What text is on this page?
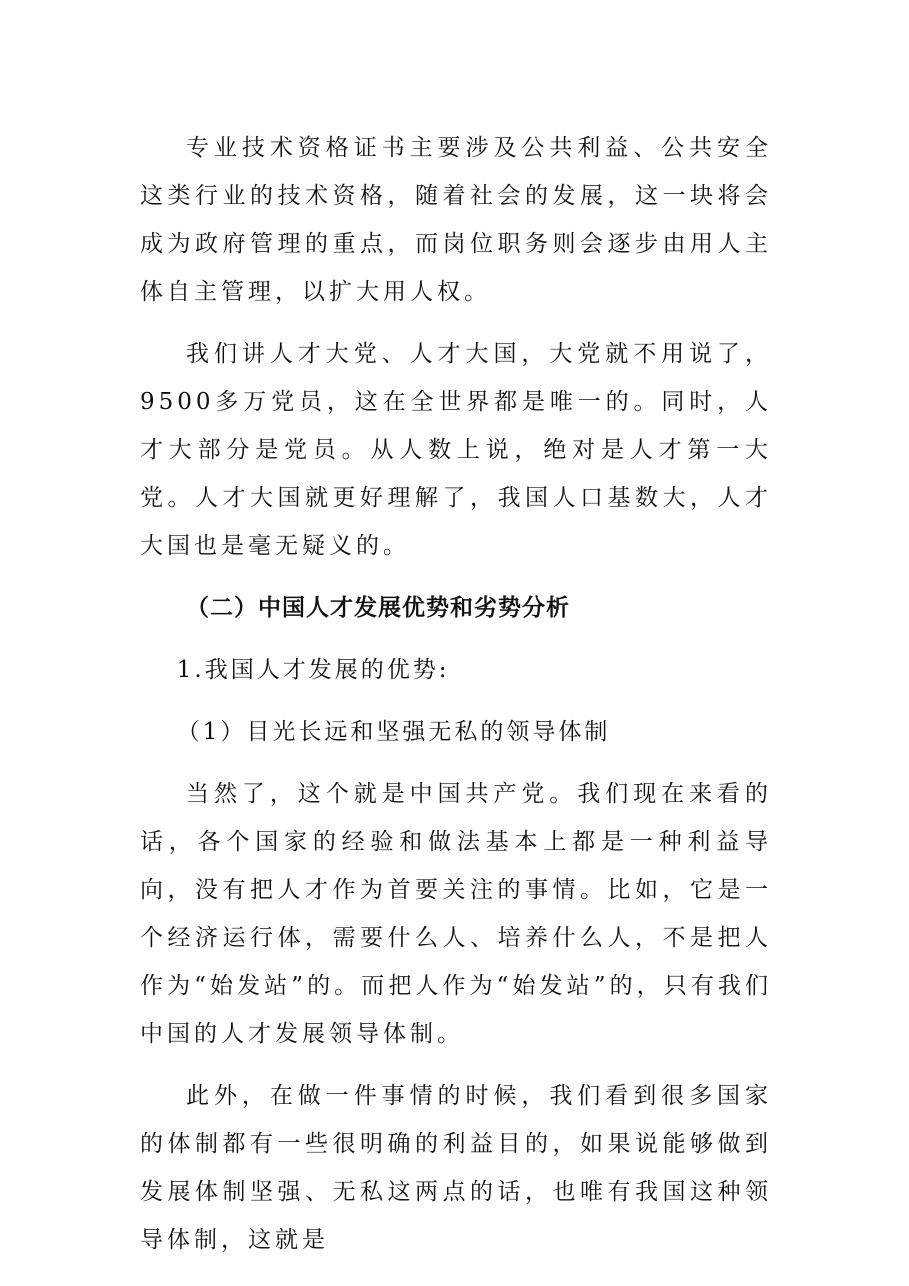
专业技术资格证书主要涉及公共利益、公共安全这类行业的技术资格，随着社会的发展，这一块将会成为政府管理的重点，而岗位职务则会逐步由用人主体自主管理，以扩大用人权。

我们讲人才大党、人才大国，大党就不用说了，9500多万党员，这在全世界都是唯一的。同时，人才大部分是党员。从人数上说，绝对是人才第一大党。人才大国就更好理解了，我国人口基数大，人才大国也是毫无疑义的。

（二）中国人才发展优势和劣势分析

1.我国人才发展的优势:

（1）目光长远和坚强无私的领导体制

当然了，这个就是中国共产党。我们现在来看的话，各个国家的经验和做法基本上都是一种利益导向，没有把人才作为首要关注的事情。比如，它是一个经济运行体，需要什么人、培养什么人，不是把人作为“始发站”的。而把人作为“始发站”的，只有我们中国的人才发展领导体制。

此外，在做一件事情的时候，我们看到很多国家的体制都有一些很明确的利益目的，如果说能够做到发展体制坚强、无私这两点的话，也唯有我国这种领导体制，这就是
